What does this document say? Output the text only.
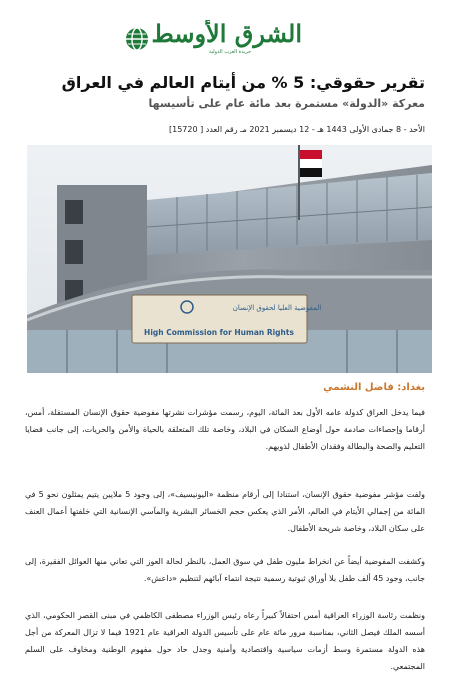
الشرق الأوسط
جريدة العرب الدولية
تقرير حقوقي: 5 % من أيتام العالم في العراق
معركة «الدولة» مستمرة بعد مائة عام على تأسيسها
الأحد - 8 جمادى الأولى 1443 هـ - 12 ديسمبر 2021 مـ رقم العدد [ 15720]
المفوضية العليا لحقوق الإنسان
High Commission for Human Rights
بغداد: فاضل النشمي

فيما يدخل العراق كدولة عامه الأول بعد المائة، اليوم، رسمت مؤشرات نشرتها مفوضية حقوق الإنسان المستقلة، أمس، أرقاما وإحصاءات صادمة حول أوضاع السكان في البلاد، وخاصة تلك المتعلقة بالحياة والأمن والحريات، إلى جانب قضايا التعليم والصحة والبطالة وفقدان الأطفال لذويهم.

ولفت مؤشر مفوضية حقوق الإنسان، استنادا إلى أرقام منظمة «اليونيسيف»، إلى وجود 5 ملايين يتيم يمثلون نحو 5 في المائة من إجمالي الأيتام في العالم، الأمر الذي يعكس حجم الخسائر البشرية والمآسي الإنسانية التي خلفتها أعمال العنف على سكان البلاد، وخاصة شريحة الأطفال.

وكشفت المفوضية أيضاً عن انخراط مليون طفل في سوق العمل، بالنظر لحالة العوز التي تعاني منها العوائل الفقيرة، إلى جانب، وجود 45 ألف طفل بلا أوراق ثبوتية رسمية نتيجة انتماء آبائهم لتنظيم «داعش».

ونظمت رئاسة الوزراء العراقية أمس احتفالاً كبيراً رعاه رئيس الوزراء مصطفى الكاظمي في مبنى القصر الحكومي، الذي أسسه الملك فيصل الثاني، بمناسبة مرور مائة عام على تأسيس الدولة العراقية عام 1921 فيما لا تزال المعركة من أجل هذه الدولة مستمرة وسط أزمات سياسية واقتصادية وأمنية وجدل حاد حول مفهوم الوطنية ومخاوف على السلم المجتمعي.
